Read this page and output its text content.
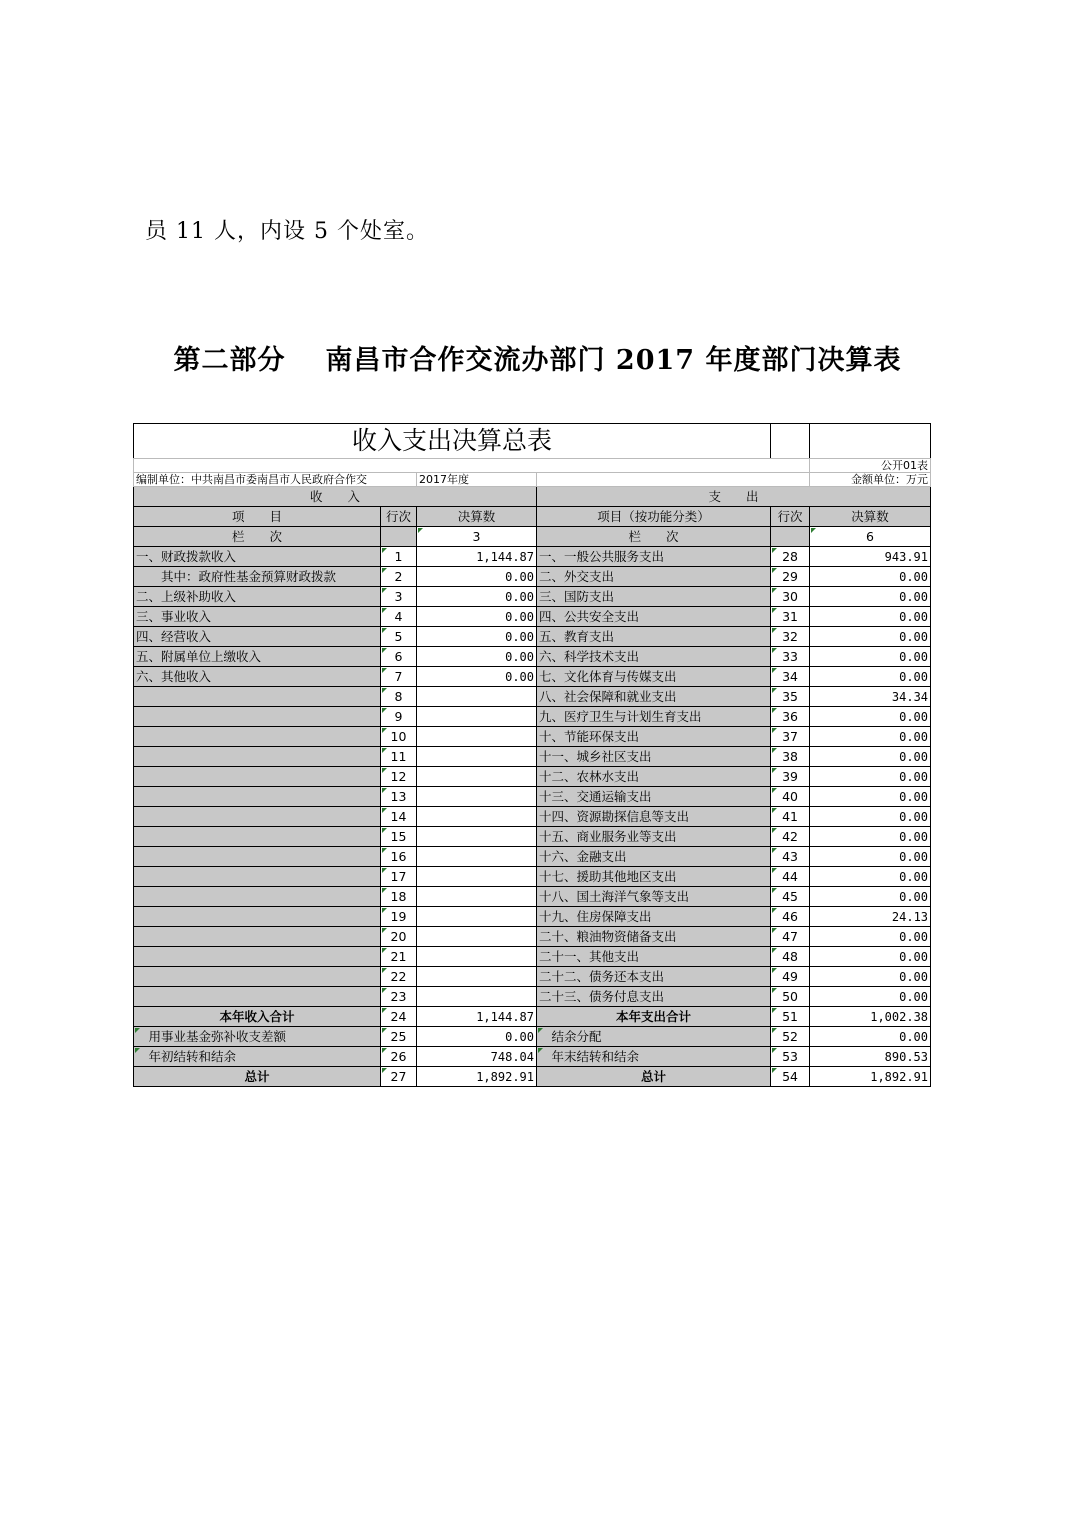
员 11 人，内设 5 个处室。
第二部分 南昌市合作交流办部门 2017 年度部门决算表
收入支出决算总表					
					公开01表
编制单位：中共南昌市委南昌市人民政府合作交		2017年度			金额单位：万元
收　　入			支　　出		
项　　目	行次	决算数	项目（按功能分类）	行次	决算数
栏　　次		3	栏　　次		6
一、财政拨款收入	1	1,144.87	一、一般公共服务支出	28	943.91
　　其中：政府性基金预算财政拨款	2	0.00	二、外交支出	29	0.00
二、上级补助收入	3	0.00	三、国防支出	30	0.00
三、事业收入	4	0.00	四、公共安全支出	31	0.00
四、经营收入	5	0.00	五、教育支出	32	0.00
五、附属单位上缴收入	6	0.00	六、科学技术支出	33	0.00
六、其他收入	7	0.00	七、文化体育与传媒支出	34	0.00
	8		八、社会保障和就业支出	35	34.34
	9		九、医疗卫生与计划生育支出	36	0.00
	10		十、节能环保支出	37	0.00
	11		十一、城乡社区支出	38	0.00
	12		十二、农林水支出	39	0.00
	13		十三、交通运输支出	40	0.00
	14		十四、资源勘探信息等支出	41	0.00
	15		十五、商业服务业等支出	42	0.00
	16		十六、金融支出	43	0.00
	17		十七、援助其他地区支出	44	0.00
	18		十八、国土海洋气象等支出	45	0.00
	19		十九、住房保障支出	46	24.13
	20		二十、粮油物资储备支出	47	0.00
	21		二十一、其他支出	48	0.00
	22		二十二、债务还本支出	49	0.00
	23		二十三、债务付息支出	50	0.00
本年收入合计	24	1,144.87	本年支出合计	51	1,002.38
　用事业基金弥补收支差额	25	0.00	　结余分配	52	0.00
　年初结转和结余	26	748.04	　年末结转和结余	53	890.53
总计	27	1,892.91	总计	54	1,892.91
